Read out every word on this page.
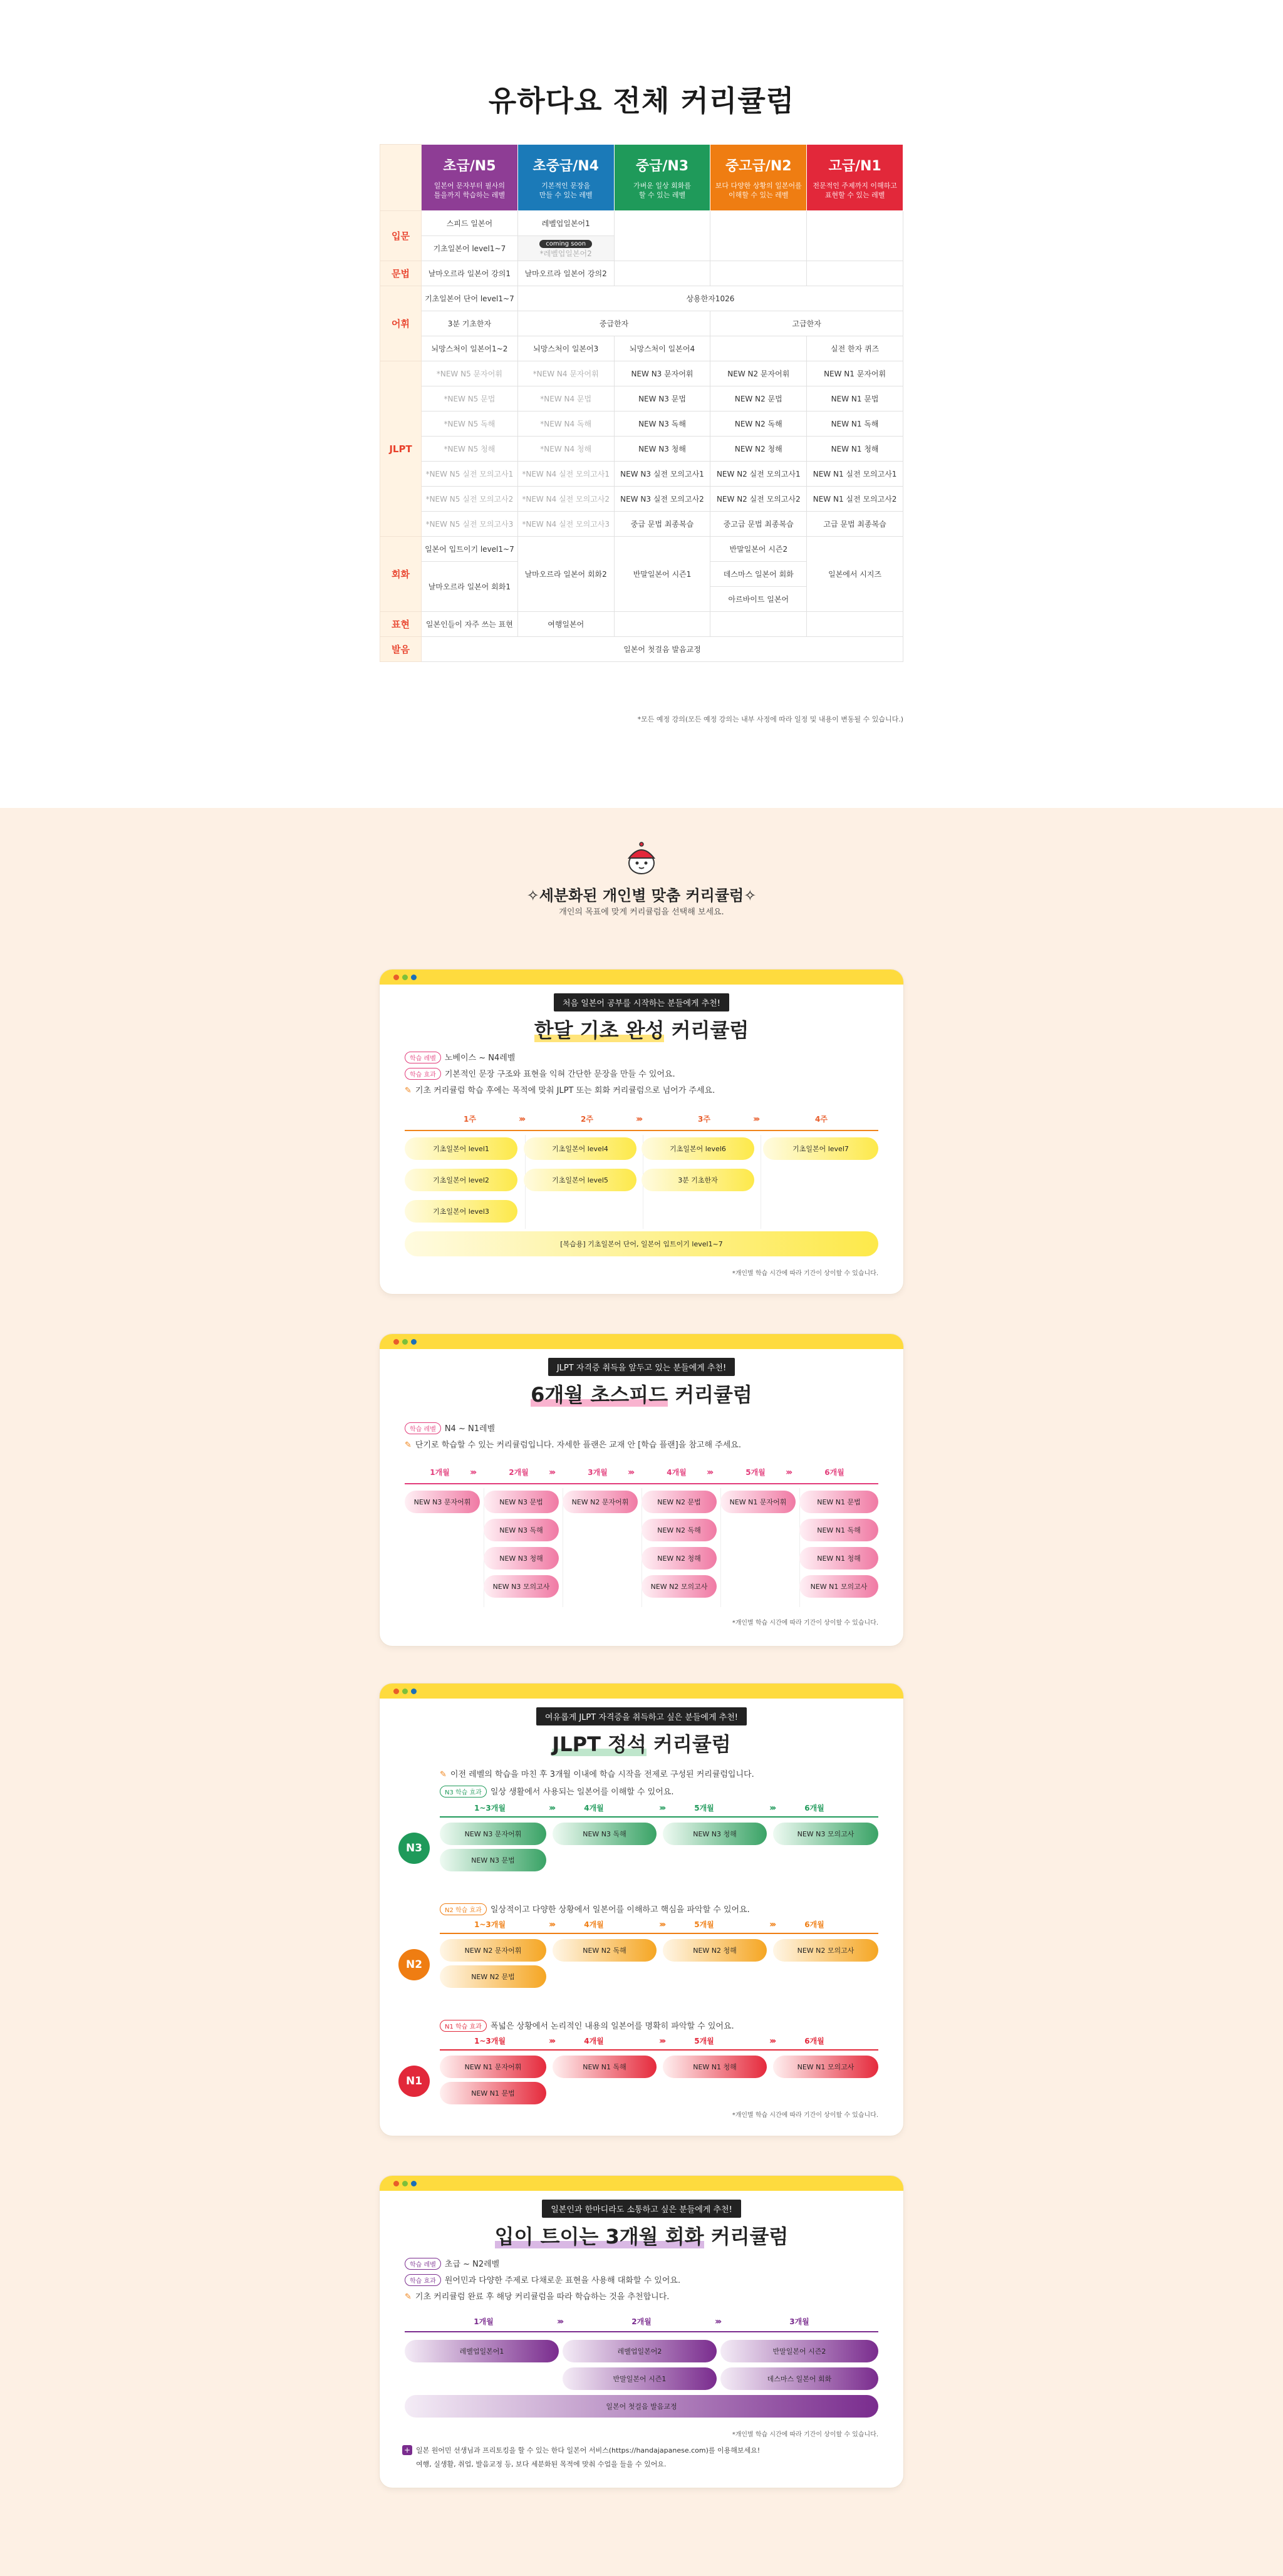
유하다요 전체 커리큘럼

	초급/N5
일본어 문자부터 필사의
틀을까지 학습하는 레벨	초중급/N4
기본적인 문장을
만들 수 있는 레벨	중급/N3
가벼운 일상 회화를
할 수 있는 레벨	중고급/N2
보다 다양한 상황의 일본어를
이해할 수 있는 레벨	고급/N1
전문적인 주제까지 이해하고
표현할 수 있는 레벨

입문	스피드 일본어	레벨업일본어1			
	기초일본어 level1~7	coming soon
*레벨업일본어2			
문법	날마오르라 일본어 강의1	날마오르라 일본어 강의2			
어휘	기초일본어 단어 level1~7	상용한자1026			
	3분 기초한자	중급한자		고급한자	
	뇌망스처이 일본어1~2	뇌망스처이 일본어3	뇌망스처이 일본어4		실전 한자 퀴즈
JLPT	*NEW N5 문자어휘	*NEW N4 문자어휘	NEW N3 문자어휘	NEW N2 문자어휘	NEW N1 문자어휘
	*NEW N5 문법	*NEW N4 문법	NEW N3 문법	NEW N2 문법	NEW N1 문법
	*NEW N5 독해	*NEW N4 독해	NEW N3 독해	NEW N2 독해	NEW N1 독해
	*NEW N5 청해	*NEW N4 청해	NEW N3 청해	NEW N2 청해	NEW N1 청해
	*NEW N5 실전 모의고사1	*NEW N4 실전 모의고사1	NEW N3 실전 모의고사1	NEW N2 실전 모의고사1	NEW N1 실전 모의고사1
	*NEW N5 실전 모의고사2	*NEW N4 실전 모의고사2	NEW N3 실전 모의고사2	NEW N2 실전 모의고사2	NEW N1 실전 모의고사2
	*NEW N5 실전 모의고사3	*NEW N4 실전 모의고사3	중급 문법 최종복습	중고급 문법 최종복습	고급 문법 최종복습
회화	일본어 입트이기 level1~7	날마오르라 일본어 회화2	반말일본어 시즌1	반말일본어 시즌2	일본에서 시지즈
	날마오르라 일본어 회화1			데스마스 일본어 회화	
				아르바이트 일본어	
표현	일본인들이 자주 쓰는 표현	여행일본어			
발음	일본어 첫걸음 발음교정				
*모든 예정 강의(모든 예정 강의는 내부 사정에 따라 일정 및 내용이 변동될 수 있습니다.)
✧세분화된 개인별 맞춤 커리큘럼✧
개인의 목표에 맞게 커리큘럼을 선택해 보세요.
처음 일본어 공부를 시작하는 분들에게 추천!
한달 기초 완성 커리큘럼
학습 레벨 노베이스 ~ N4레벨
학습 효과 기본적인 문장 구조와 표현을 익혀 간단한 문장을 만들 수 있어요.
✎ 기초 커리큘럼 학습 후에는 목적에 맞춰 JLPT 또는 회화 커리큘럼으로 넘어가 주세요.
1주	2주	3주	4주
›››	›››	›››
기초일본어 level1
기초일본어 level2
기초일본어 level3
기초일본어 level4
기초일본어 level5
기초일본어 level6
3분 기초한자
기초일본어 level7
[복습용] 기초일본어 단어, 일본어 입트이기 level1~7
*개인별 학습 시간에 따라 기간이 상이할 수 있습니다.
JLPT 자격증 취득을 앞두고 있는 분들에게 추천!
6개월 초스피드 커리큘럼
학습 레벨 N4 ~ N1레벨
✎ 단기로 학습할 수 있는 커리큘럼입니다. 자세한 플랜은 교재 안 [학습 플랜]을 참고해 주세요.
1개월	2개월	3개월	4개월	5개월	6개월
›››	›››	›››	›››	›››
NEW N3 문자어휘	NEW N3 문법
NEW N3 독해
NEW N3 청해
NEW N3 모의고사
NEW N2 문자어휘	NEW N2 문법
NEW N2 독해
NEW N2 청해
NEW N2 모의고사
NEW N1 문자어휘	NEW N1 문법
NEW N1 독해
NEW N1 청해
NEW N1 모의고사
*개인별 학습 시간에 따라 기간이 상이할 수 있습니다.
여유롭게 JLPT 자격증을 취득하고 싶은 분들에게 추천!
JLPT 정석 커리큘럼
✎ 이전 레벨의 학습을 마친 후 3개월 이내에 학습 시작을 전제로 구성된 커리큘럼입니다.
N3 학습 효과 일상 생활에서 사용되는 일본어를 이해할 수 있어요.
N3
1~3개월	4개월	5개월	6개월
›››	›››	›››
NEW N3 문자어휘
NEW N3 문법
NEW N3 독해	NEW N3 청해	NEW N3 모의고사
N2 학습 효과 일상적이고 다양한 상황에서 일본어를 이해하고 핵심을 파악할 수 있어요.
N2
1~3개월	4개월	5개월	6개월
›››	›››	›››
NEW N2 문자어휘
NEW N2 문법
NEW N2 독해	NEW N2 청해	NEW N2 모의고사
N1 학습 효과 폭넓은 상황에서 논리적인 내용의 일본어를 명확히 파악할 수 있어요.
N1
1~3개월	4개월	5개월	6개월
›››	›››	›››
NEW N1 문자어휘
NEW N1 문법
NEW N1 독해	NEW N1 청해	NEW N1 모의고사
*개인별 학습 시간에 따라 기간이 상이할 수 있습니다.
일본인과 한마디라도 소통하고 싶은 분들에게 추천!
입이 트이는 3개월 회화 커리큘럼
학습 레벨 초급 ~ N2레벨
학습 효과 원어민과 다양한 주제로 다채로운 표현을 사용해 대화할 수 있어요.
✎ 기초 커리큘럼 완료 후 해당 커리큘럼을 따라 학습하는 것을 추천합니다.
1개월	2개월	3개월
›››	›››
레벨업일본어1	레벨업일본어2	반말일본어 시즌2
반말일본어 시즌1	데스마스 일본어 회화
일본어 첫걸음 발음교정
*개인별 학습 시간에 따라 기간이 상이할 수 있습니다.
+ 일본 원어민 선생님과 프리토킹을 할 수 있는 한다 일본어 서비스(https://handajapanese.com)를 이용해보세요!
여행, 실생활, 취업, 발음교정 등, 보다 세분화된 목적에 맞춰 수업을 들을 수 있어요.
